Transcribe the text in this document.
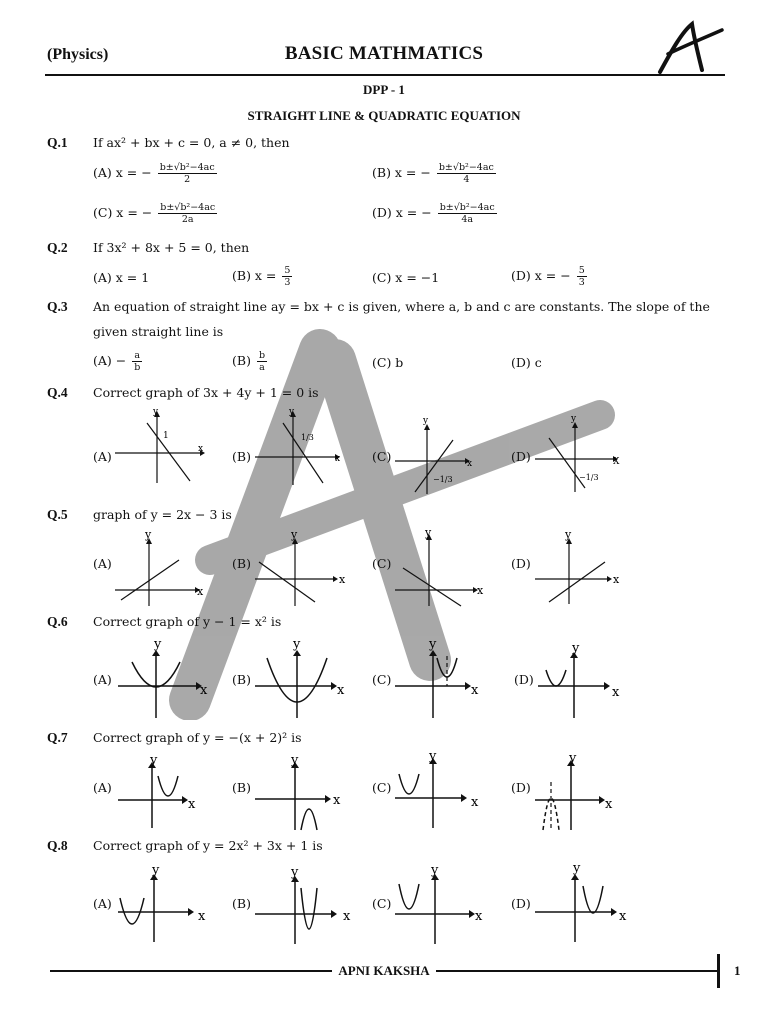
(Physics)	BASIC MATHMATICS
DPP - 1
STRAIGHT LINE & QUADRATIC EQUATION
Q.1 If ax² + bx + c = 0, a ≠ 0, then
(A) x = − $\frac{\text{b±√b²−4ac}}{2}$	(B) x = − $\frac{\text{b±√b²−4ac}}{4}$
(C) x = − $\frac{\text{b±√b²−4ac}}{2a}$	(D) x = − $\frac{\text{b±√b²−4ac}}{4a}$
Q.2 If 3x² + 8x + 5 = 0, then
(A) x = 1	(B) $x = \frac{5}{3}$	(C) x = −1	(D) x = − $\frac{5}{3}$
Q.3 An equation of straight line ay = bx + c is given, where a, b and c are constants. The slope of the
given straight line is
$(A) - \frac{a}{b}$	$(B) \frac{b}{a}$	(C) b	(D) c
Q.4 Correct graph of 3x + 4y + 1 = 0 is
(A)	(B)	(C)	(D)
y
x
1
y
x
1/3
y
x
−1/3
y
X
−1/3
Q.5 graph of y = 2x − 3 is
(A)	(B)	(C)	(D)
y
x
y
x
y
x
y
x
Q.6 Correct graph of y − 1 = x² is
(A)	(B)	(C)	(D)
y
x
y
x
y
x
y
x
Q.7 Correct graph of y = −(x + 2)² is
(A)	(B)	(C)	(D)
y
x
y
x
y
x
y
x
Q.8 Correct graph of y = 2x² + 3x + 1 is
(A)	(B)	(C)	(D)
y
x
y
x
y
x
y
x
APNI KAKSHA	1
